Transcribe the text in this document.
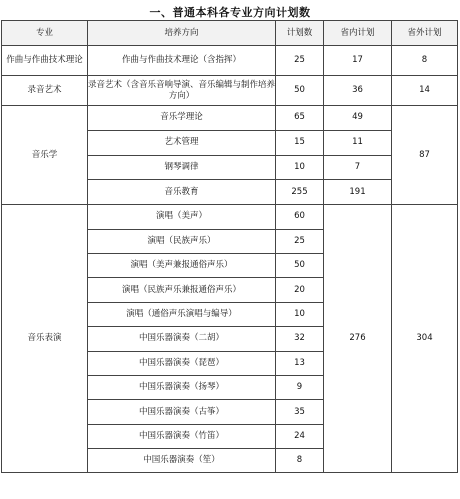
一、普通本科各专业方向计划数
专业	培养方向	计划数	省内计划	省外计划
作曲与作曲技术理论	作曲与作曲技术理论（含指挥）	25	17	8
录音艺术	录音艺术（含音乐音响导演、音乐编辑与制作培养方向）	50	36	14
音乐学	音乐学理论	65	49	87
	艺术管理	15	11	
	钢琴调律	10	7	
	音乐教育	255	191	
音乐表演	演唱（美声）	60	276	304
	演唱（民族声乐）	25		
	演唱（美声兼报通俗声乐）	50		
	演唱（民族声乐兼报通俗声乐）	20		
	演唱（通俗声乐演唱与编导）	10		
	中国乐器演奏（二胡）	32		
	中国乐器演奏（琵琶）	13		
	中国乐器演奏（扬琴）	9		
	中国乐器演奏（古筝）	35		
	中国乐器演奏（竹笛）	24		
	中国乐器演奏（笙）	8		
